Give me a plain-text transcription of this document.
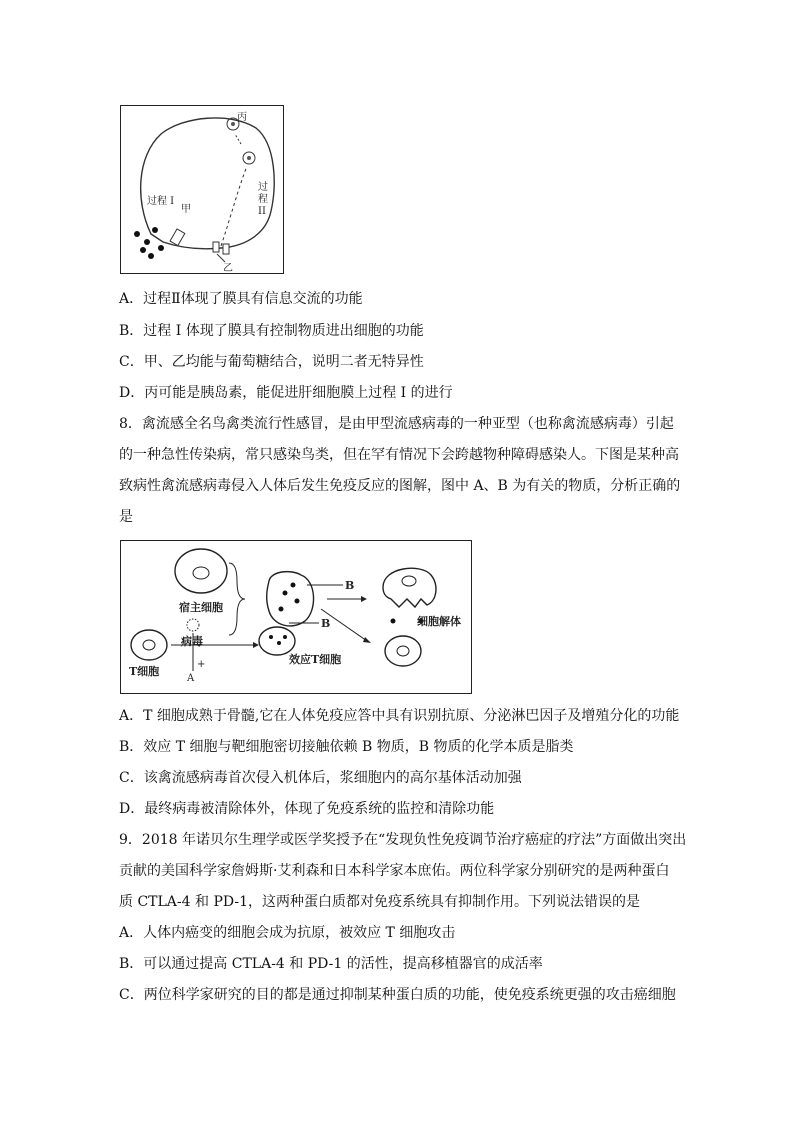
丙
甲
乙
过程 I
过
程
II
A．过程Ⅱ体现了膜具有信息交流的功能
B．过程 I 体现了膜具有控制物质进出细胞的功能
C．甲、乙均能与葡萄糖结合，说明二者无特异性
D．丙可能是胰岛素，能促进肝细胞膜上过程 I 的进行
8．禽流感全名鸟禽类流行性感冒，是由甲型流感病毒的一种亚型（也称禽流感病毒）引起
的一种急性传染病，常只感染鸟类，但在罕有情况下会跨越物种障碍感染人。下图是某种高
致病性禽流感病毒侵入人体后发生免疫反应的图解，图中 A、B 为有关的物质，分析正确的
是
宿主细胞
病毒
B
B
效应T细胞
T细胞
A
+
细胞解体
A．T 细胞成熟于骨髓,它在人体免疫应答中具有识别抗原、分泌淋巴因子及增殖分化的功能
B．效应 T 细胞与靶细胞密切接触依赖 B 物质，B 物质的化学本质是脂类
C．该禽流感病毒首次侵入机体后，浆细胞内的高尔基体活动加强
D．最终病毒被清除体外，体现了免疫系统的监控和清除功能
9．2018 年诺贝尔生理学或医学奖授予在“发现负性免疫调节治疗癌症的疗法”方面做出突出
贡献的美国科学家詹姆斯·艾利森和日本科学家本庶佑。两位科学家分别研究的是两种蛋白
质 CTLA-4 和 PD-1，这两种蛋白质都对免疫系统具有抑制作用。下列说法错误的是
A．人体内癌变的细胞会成为抗原，被效应 T 细胞攻击
B．可以通过提高 CTLA-4 和 PD-1 的活性，提高移植器官的成活率
C．两位科学家研究的目的都是通过抑制某种蛋白质的功能，使免疫系统更强的攻击癌细胞
